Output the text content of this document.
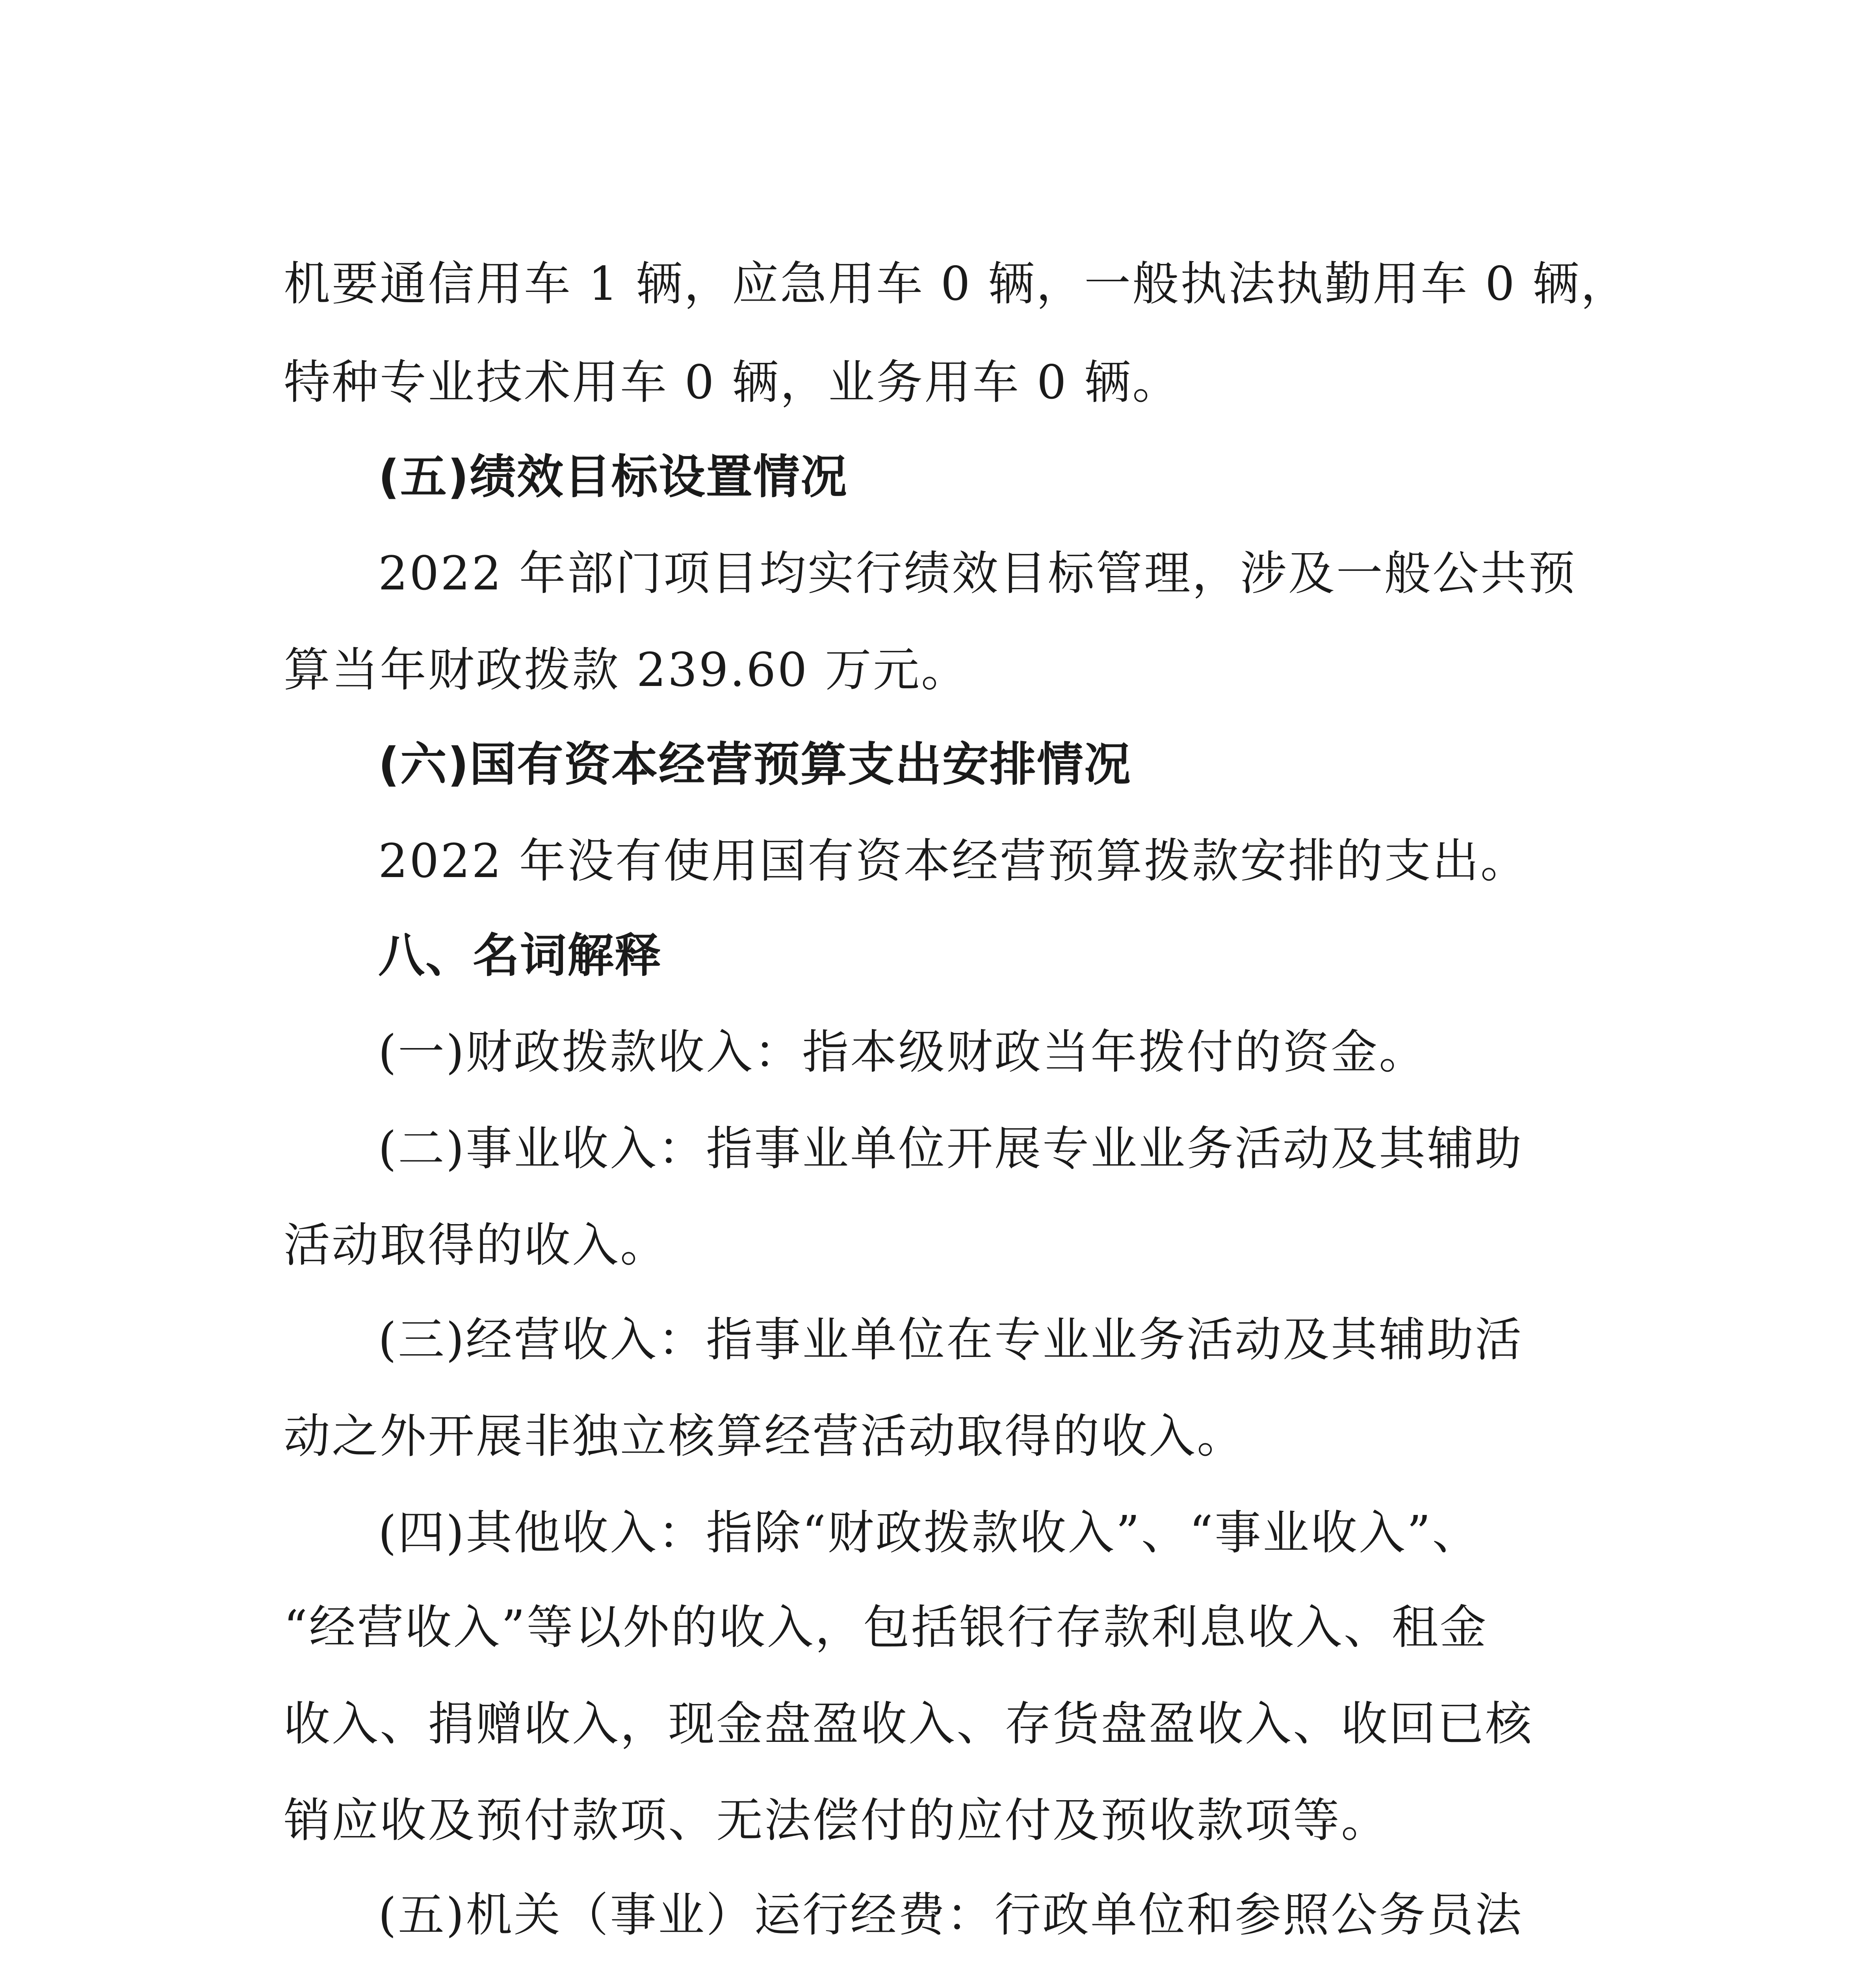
机要通信用车 1 辆，应急用车 0 辆，一般执法执勤用车 0 辆，
特种专业技术用车 0 辆，业务用车 0 辆。
(五)绩效目标设置情况
2022 年部门项目均实行绩效目标管理，涉及一般公共预
算当年财政拨款 239.60 万元。
(六)国有资本经营预算支出安排情况
2022 年没有使用国有资本经营预算拨款安排的支出。
八、名词解释
(一)财政拨款收入：指本级财政当年拨付的资金。
(二)事业收入：指事业单位开展专业业务活动及其辅助
活动取得的收入。
(三)经营收入：指事业单位在专业业务活动及其辅助活
动之外开展非独立核算经营活动取得的收入。
(四)其他收入：指除“财政拨款收入”、“事业收入”、
“经营收入”等以外的收入，包括银行存款利息收入、租金
收入、捐赠收入，现金盘盈收入、存货盘盈收入、收回已核
销应收及预付款项、无法偿付的应付及预收款项等。
(五)机关（事业）运行经费：行政单位和参照公务员法
